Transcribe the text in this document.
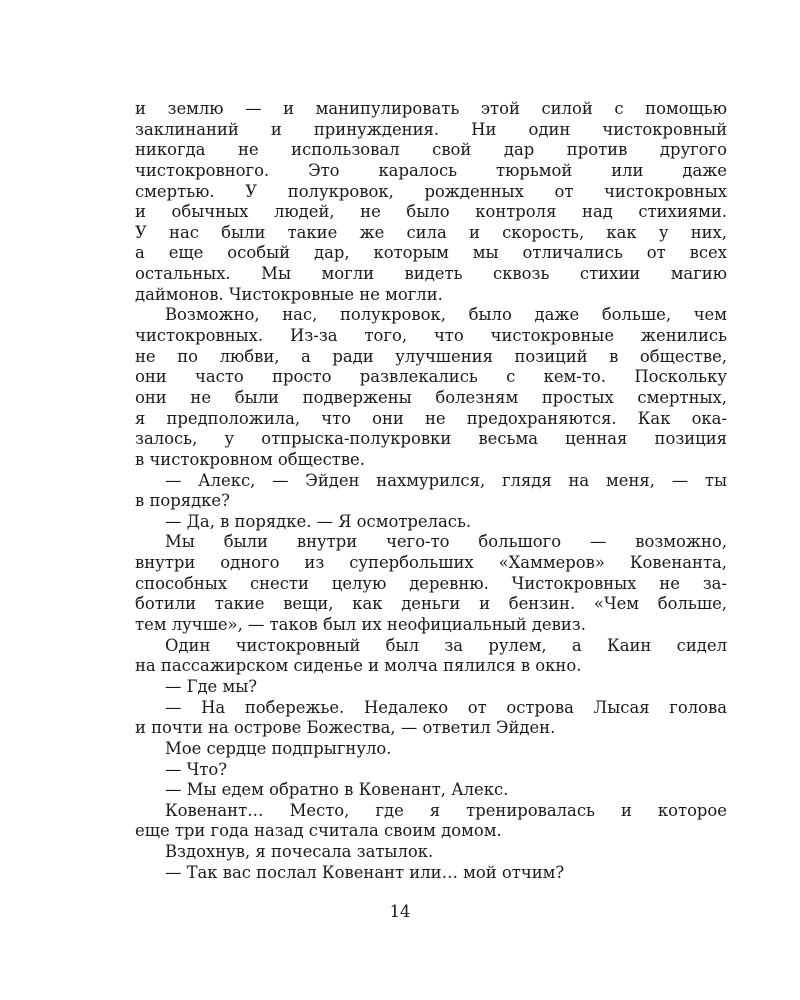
и землю — и манипулировать этой силой с помощью
заклинаний и принуждения. Ни один чистокровный
никогда не использовал свой дар против другого
чистокровного. Это каралось тюрьмой или даже
смертью. У полукровок, рожденных от чистокровных
и обычных людей, не было контроля над стихиями.
У нас были такие же сила и скорость, как у них,
а еще особый дар, которым мы отличались от всех
остальных. Мы могли видеть сквозь стихии магию
даймонов. Чистокровные не могли.
Возможно, нас, полукровок, было даже больше, чем
чистокровных. Из-за того, что чистокровные женились
не по любви, а ради улучшения позиций в обществе,
они часто просто развлекались с кем-то. Поскольку
они не были подвержены болезням простых смертных,
я предположила, что они не предохраняются. Как ока-
залось, у отпрыска-полукровки весьма ценная позиция
в чистокровном обществе.
— Алекс, — Эйден нахмурился, глядя на меня, — ты
в порядке?
— Да, в порядке. — Я осмотрелась.
Мы были внутри чего-то большого — возможно,
внутри одного из супербольших «Хаммеров» Ковенанта,
способных снести целую деревню. Чистокровных не за-
ботили такие вещи, как деньги и бензин. «Чем больше,
тем лучше», — таков был их неофициальный девиз.
Один чистокровный был за рулем, а Каин сидел
на пассажирском сиденье и молча пялился в окно.
— Где мы?
— На побережье. Недалеко от острова Лысая голова
и почти на острове Божества, — ответил Эйден.
Мое сердце подпрыгнуло.
— Что?
— Мы едем обратно в Ковенант, Алекс.
Ковенант… Место, где я тренировалась и которое
еще три года назад считала своим домом.
Вздохнув, я почесала затылок.
— Так вас послал Ковенант или… мой отчим?
14
